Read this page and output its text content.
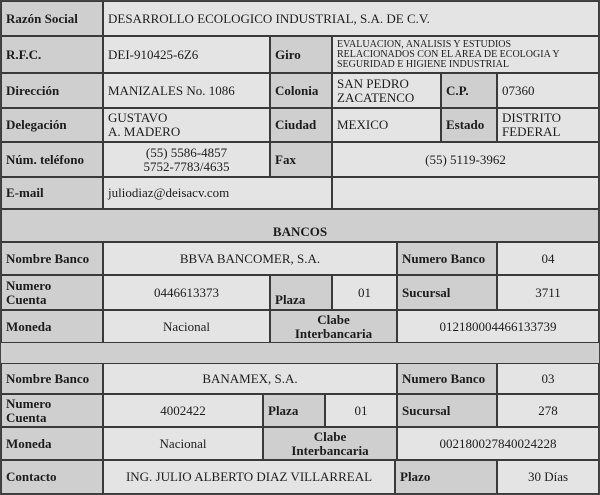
Razón Social	DESARROLLO ECOLOGICO INDUSTRIAL, S.A. DE C.V.
R.F.C.	DEI-910425-6Z6	Giro
EVALUACION, ANALISIS Y ESTUDIOS
RELACIONADOS CON EL AREA DE ECOLOGIA Y
SEGURIDAD E HIGIENE INDUSTRIAL
Dirección	MANIZALES No. 1086	Colonia	SAN PEDRO
ZACATENCO	C.P.	07360
Delegación	GUSTAVO
A. MADERO	Ciudad	MEXICO	Estado	DISTRITO
FEDERAL
Núm. teléfono	(55) 5586-4857
5752-7783/4635	Fax	(55) 5119-3962
E-mail	juliodiaz@deisacv.com
BANCOS
Nombre Banco	BBVA BANCOMER, S.A.	Numero Banco	04
Numero
Cuenta	0446613373	Plaza	01	Sucursal	3711
Moneda	Nacional	Clabe
Interbancaria	012180004466133739
Nombre Banco	BANAMEX, S.A.	Numero Banco	03
Numero
Cuenta	4002422	Plaza	01	Sucursal	278
Moneda	Nacional	Clabe
Interbancaria	002180027840024228
Contacto	ING. JULIO ALBERTO DIAZ VILLARREAL	Plazo	30 Días
